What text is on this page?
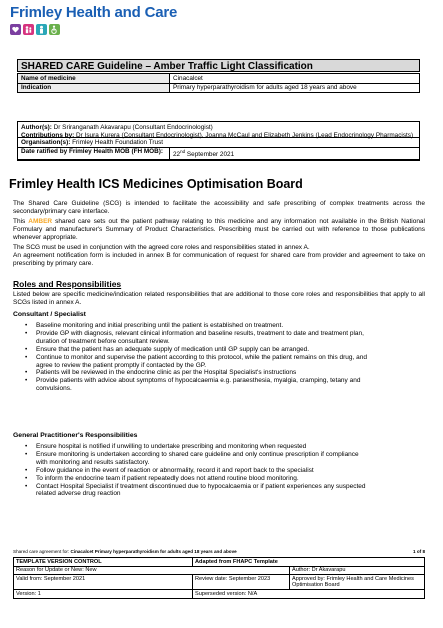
Frimley Health and Care
SHARED CARE Guideline – Amber Traffic Light Classification
Name of medicine	Cinacalcet
Indication	Primary hyperparathyroidism for adults aged 18 years and above
Author(s): Dr Sriranganath Akavarapu (Consultant Endocrinologist)
Contributions by: Dr Isura Kurera (Consultant Endocrinologist), Joanna McCaul and Elizabeth Jenkins (Lead Endocrinology Pharmacists)
Organisation(s): Frimley Health Foundation Trust
Date ratified by Frimley Health MOB (FH MOB):	22nd September 2021
Frimley Health ICS Medicines Optimisation Board
The Shared Care Guideline (SCG) is intended to facilitate the accessibility and safe prescribing of complex treatments across the secondary/primary care interface.
This AMBER shared care sets out the patient pathway relating to this medicine and any information not available in the British National Formulary and manufacturer's Summary of Product Characteristics. Prescribing must be carried out with reference to those publications whenever appropriate.
The SCG must be used in conjunction with the agreed core roles and responsibilities stated in annex A.
An agreement notification form is included in annex B for communication of request for shared care from provider and agreement to take on prescribing by primary care.
Roles and Responsibilities
Listed below are specific medicine/indication related responsibilities that are additional to those core roles and responsibilities that apply to all SCGs listed in annex A.
Consultant / Specialist
• Baseline monitoring and initial prescribing until the patient is established on treatment.
• Provide GP with diagnosis, relevant clinical information and baseline results, treatment to date and treatment plan, duration of treatment before consultant review.
• Ensure that the patient has an adequate supply of medication until GP supply can be arranged.
• Continue to monitor and supervise the patient according to this protocol, while the patient remains on this drug, and agree to review the patient promptly if contacted by the GP.
• Patients will be reviewed in the endocrine clinic as per the Hospital Specialist's instructions
• Provide patients with advice about symptoms of hypocalcaemia e.g. paraesthesia, myalgia, cramping, tetany and convulsions.
General Practitioner's Responsibilities
• Ensure hospital is notified if unwilling to undertake prescribing and monitoring when requested
• Ensure monitoring is undertaken according to shared care guideline and only continue prescription if compliance with monitoring and results satisfactory.
• Follow guidance in the event of reaction or abnormality, record it and report back to the specialist
• To inform the endocrine team if patient repeatedly does not attend routine blood monitoring.
• Contact Hospital Specialist if treatment discontinued due to hypocalcaemia or if patient experiences any suspected related adverse drug reaction
Shared care agreement for: Cinacalcet Primary hyperparathyroidism for adults aged 18 years and above	1 of 8
TEMPLATE VERSION CONTROL	Adapted from FHAPC Template	
Reason for Update or New: New		Author: Dr Akavarapu
Valid from: September 2021	Review date: September 2023	Approved by: Frimley Health and Care Medicines Optimisation Board
Version: 1	Superseded version: N/A	
